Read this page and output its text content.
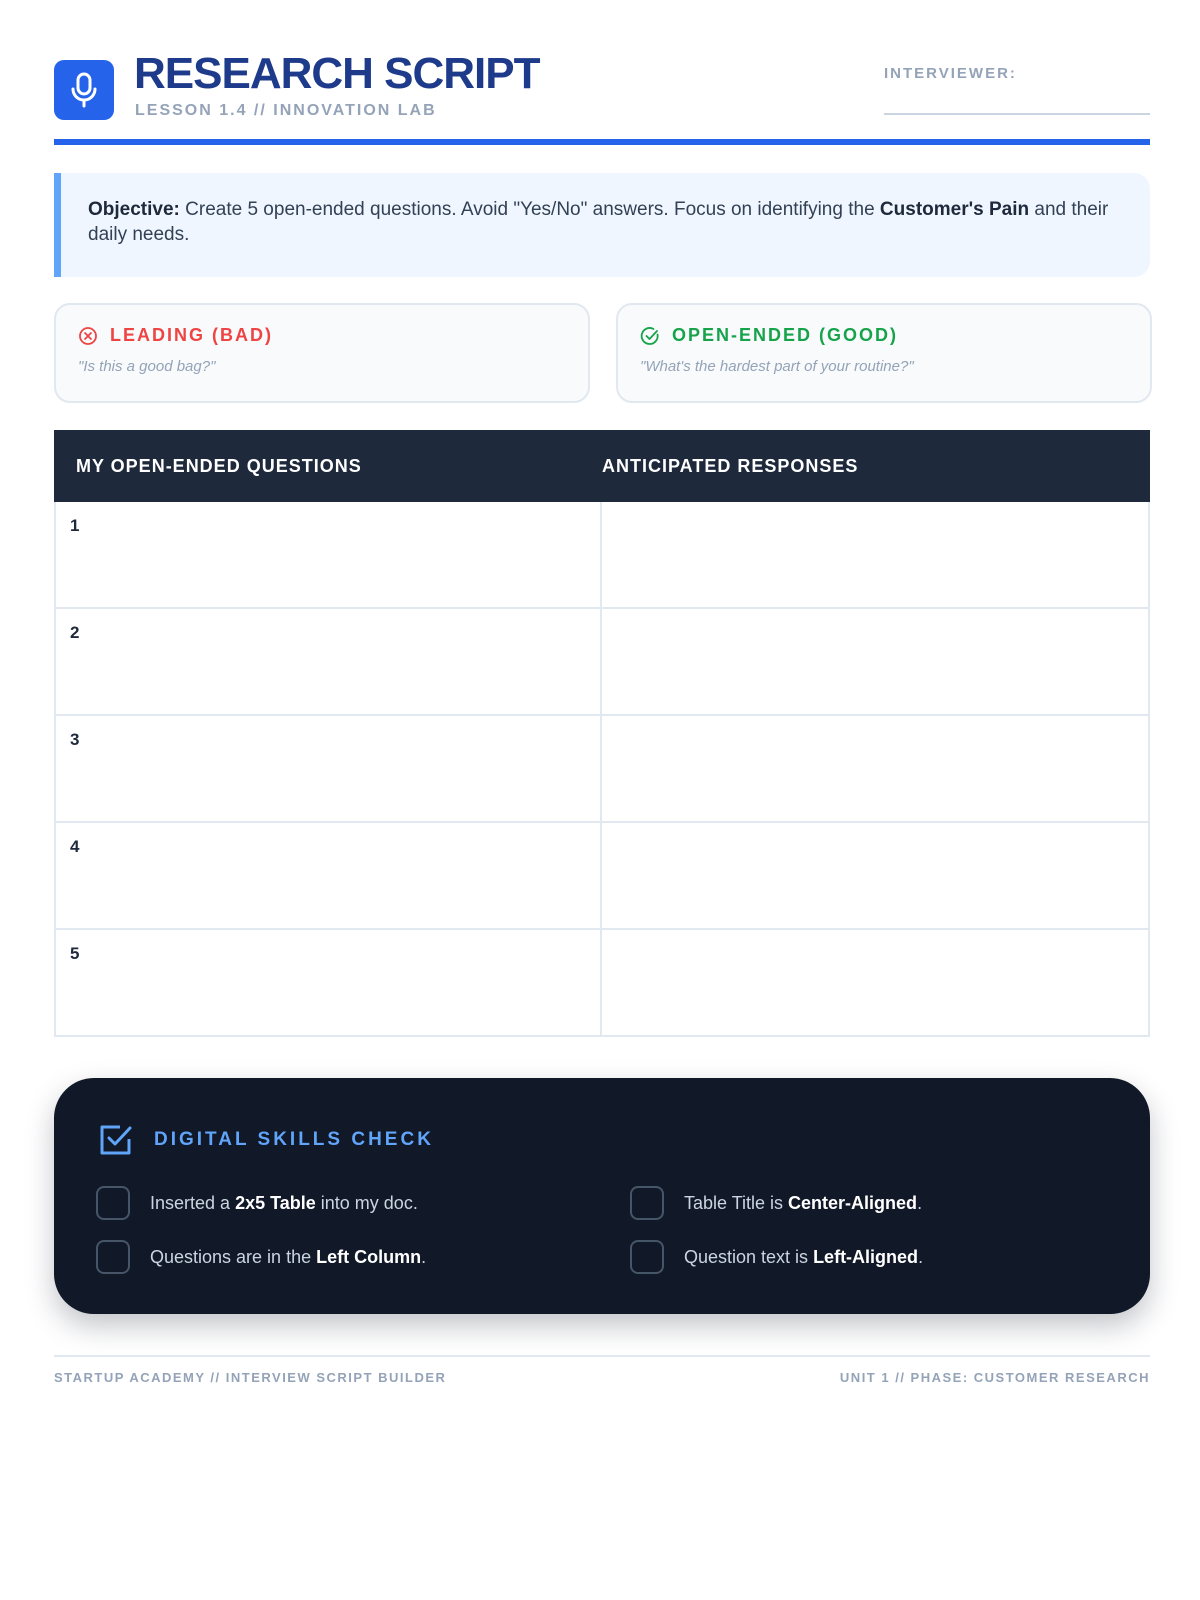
RESEARCH SCRIPT
LESSON 1.4 // INNOVATION LAB
INTERVIEWER:
Objective: Create 5 open-ended questions. Avoid "Yes/No" answers. Focus on identifying the Customer's Pain and their daily needs.
LEADING (BAD)
"Is this a good bag?"
OPEN-ENDED (GOOD)
"What's the hardest part of your routine?"
MY OPEN-ENDED QUESTIONS	ANTICIPATED RESPONSES
1
2
3
4
5
DIGITAL SKILLS CHECK
Inserted a 2x5 Table into my doc.	Table Title is Center-Aligned.
Questions are in the Left Column.	Question text is Left-Aligned.
STARTUP ACADEMY // INTERVIEW SCRIPT BUILDER	UNIT 1 // PHASE: CUSTOMER RESEARCH
